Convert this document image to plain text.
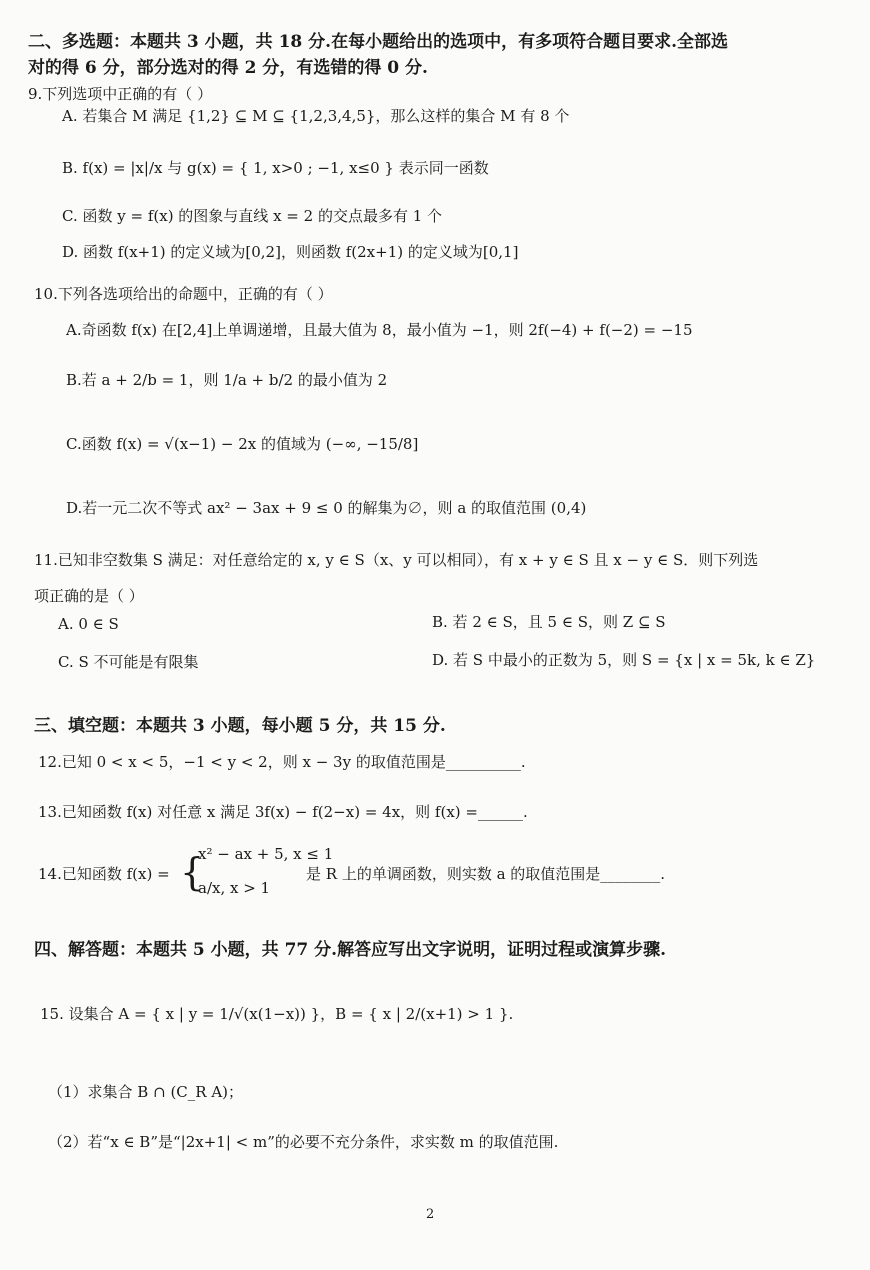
二、多选题：本题共 3 小题，共 18 分.在每小题给出的选项中，有多项符合题目要求.全部选
对的得 6 分，部分选对的得 2 分，有选错的得 0 分.
9.下列选项中正确的有（ ）
A. 若集合 M 满足 {1,2} ⊆ M ⊆ {1,2,3,4,5}，那么这样的集合 M 有 8 个
B. f(x) = |x|/x 与 g(x) = { 1, x>0 ; −1, x≤0 } 表示同一函数
C. 函数 y = f(x) 的图象与直线 x = 2 的交点最多有 1 个
D. 函数 f(x+1) 的定义域为[0,2]，则函数 f(2x+1) 的定义域为[0,1]
10.下列各选项给出的命题中，正确的有（ ）
A.奇函数 f(x) 在[2,4]上单调递增，且最大值为 8，最小值为 −1，则 2f(−4) + f(−2) = −15
B.若 a + 2/b = 1，则 1/a + b/2 的最小值为 2
C.函数 f(x) = √(x−1) − 2x 的值域为 (−∞, −15/8]
D.若一元二次不等式 ax² − 3ax + 9 ≤ 0 的解集为∅，则 a 的取值范围 (0,4)
11.已知非空数集 S 满足：对任意给定的 x, y ∈ S（x、y 可以相同），有 x + y ∈ S 且 x − y ∈ S．则下列选
项正确的是（ ）
A. 0 ∈ S	B. 若 2 ∈ S，且 5 ∈ S，则 Z ⊆ S
C. S 不可能是有限集	D. 若 S 中最小的正数为 5，则 S = {x | x = 5k, k ∈ Z}
三、填空题：本题共 3 小题，每小题 5 分，共 15 分.
12.已知 0 < x < 5，−1 < y < 2，则 x − 3y 的取值范围是__________.
13.已知函数 f(x) 对任意 x 满足 3f(x) − f(2−x) = 4x，则 f(x) =______.
14.已知函数 f(x) = {
x² − ax + 5, x ≤ 1
a/x, x > 1
是 R 上的单调函数，则实数 a 的取值范围是________.
四、解答题：本题共 5 小题，共 77 分.解答应写出文字说明，证明过程或演算步骤.
15. 设集合 A = { x | y = 1/√(x(1−x)) }，B = { x | 2/(x+1) > 1 }.
（1）求集合 B ∩ (C_R A)；
（2）若“x ∈ B”是“|2x+1| < m”的必要不充分条件，求实数 m 的取值范围.
2
